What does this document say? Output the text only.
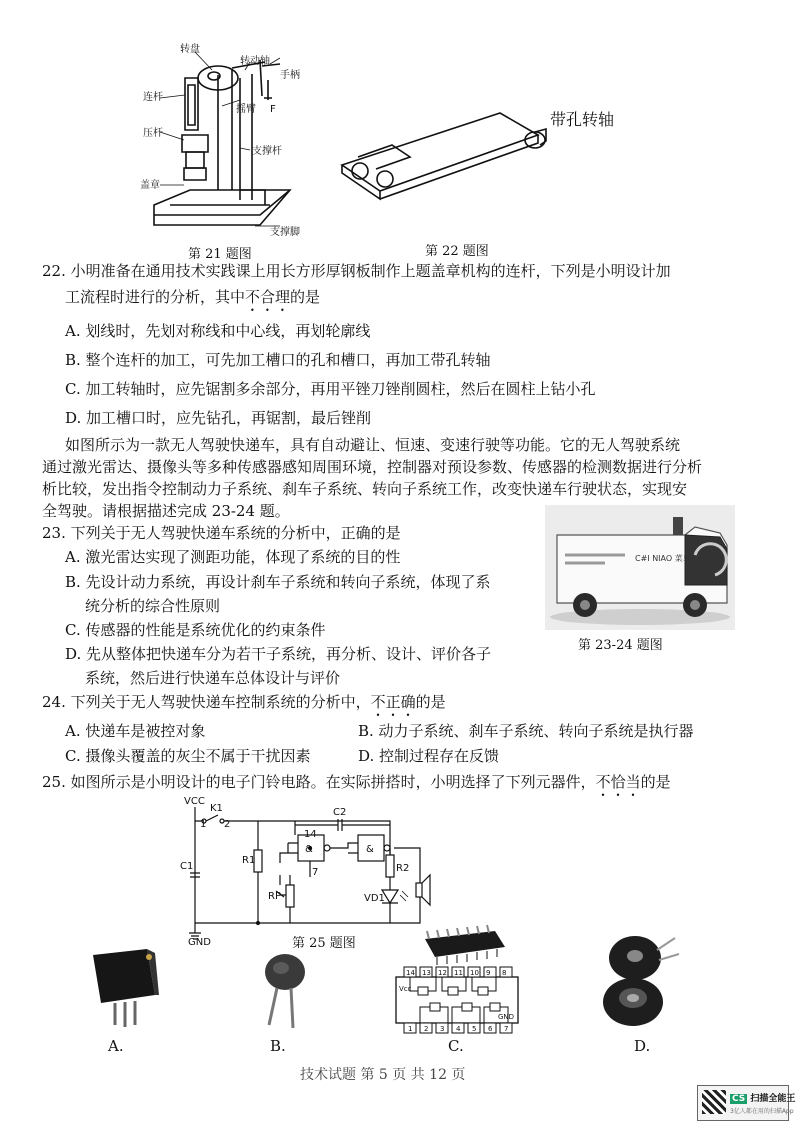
转盘
转动轴
手柄
连杆
摇臂 F
压杆
支撑杆
盖章
支撑脚
第 21 题图
带孔转轴
第 22 题图
22. 小明准备在通用技术实践课上用长方形厚钢板制作上题盖章机构的连杆，下列是小明设计加
工流程时进行的分析，其中不合理的是
A. 划线时，先划对称线和中心线，再划轮廓线
B. 整个连杆的加工，可先加工槽口的孔和槽口，再加工带孔转轴
C. 加工转轴时，应先锯割多余部分，再用平锉刀锉削圆柱，然后在圆柱上钻小孔
D. 加工槽口时，应先钻孔，再锯割，最后锉削
如图所示为一款无人驾驶快递车，具有自动避让、恒速、变速行驶等功能。它的无人驾驶系统
通过激光雷达、摄像头等多种传感器感知周围环境，控制器对预设参数、传感器的检测数据进行分析
析比较，发出指令控制动力子系统、刹车子系统、转向子系统工作，改变快递车行驶状态，实现安
全驾驶。请根据描述完成 23-24 题。
23. 下列关于无人驾驶快递车系统的分析中，正确的是
A. 激光雷达实现了测距功能，体现了系统的目的性
B. 先设计动力系统，再设计刹车子系统和转向子系统，体现了系
统分析的综合性原则
C. 传感器的性能是系统优化的约束条件
D. 先从整体把快递车分为若干子系统，再分析、设计、评价各子
系统，然后进行快递车总体设计与评价
C#I NIAO 菜鸟
第 23-24 题图
24. 下列关于无人驾驶快递车控制系统的分析中，不正确的是
A. 快递车是被控对象	B. 动力子系统、刹车子系统、转向子系统是执行器
C. 摄像头覆盖的灰尘不属于干扰因素	D. 控制过程存在反馈
25. 如图所示是小明设计的电子门铃电路。在实际拼搭时，小明选择了下列元器件，不恰当的是
VCC
K1
1 2
C2
R1
C1
14
&	&
7
RP
R2
VD1
GND	第 25 题图
A.	B.
14 13 12 11 10 9 8
1 2 3 4 5 6 7
Vcc
GND
C.	D.
技术试题 第 5 页 共 12 页
CS 扫描全能王
3亿人都在用的扫描App
